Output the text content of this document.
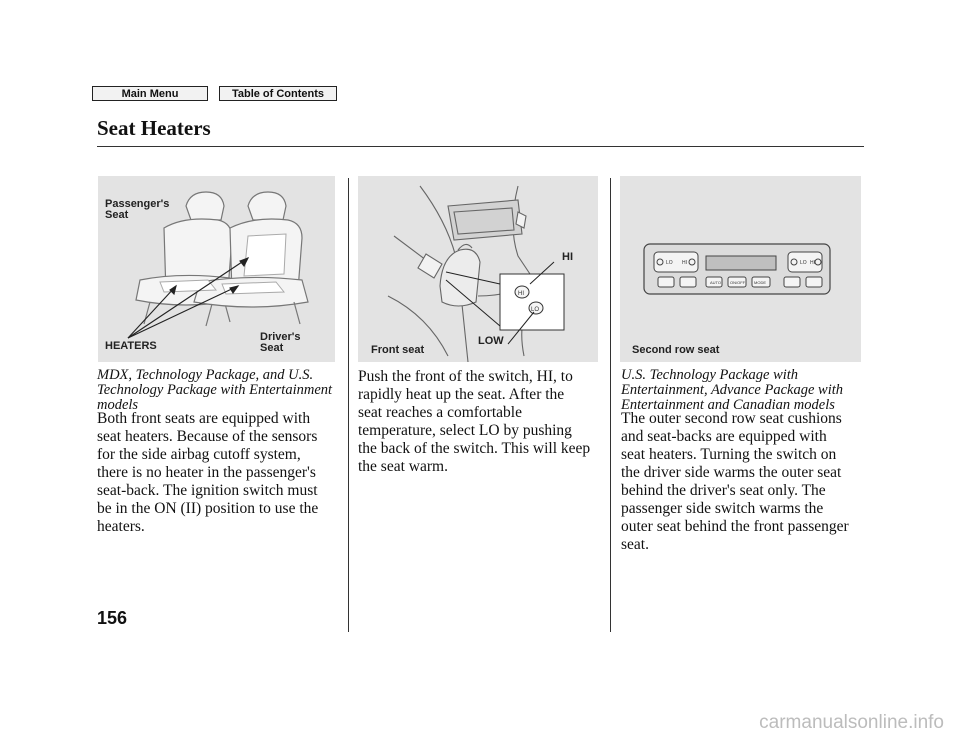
Main Menu	Table of Contents
Seat Heaters
Passenger's
Seat
HEATERS
Driver's
Seat
HI
LO
HI
LOW
Front seat
LO HI	LO HI
AUTO ON/OFF MODE
Second row seat
MDX, Technology Package, and U.S.
Technology Package with Entertainment
models
Both front seats are equipped with
seat heaters. Because of the sensors
for the side airbag cutoff system,
there is no heater in the passenger's
seat-back. The ignition switch must
be in the ON (II) position to use the
heaters.
Push the front of the switch, HI, to
rapidly heat up the seat. After the
seat reaches a comfortable
temperature, select LO by pushing
the back of the switch. This will keep
the seat warm.
U.S. Technology Package with
Entertainment, Advance Package with
Entertainment and Canadian models
The outer second row seat cushions
and seat-backs are equipped with
seat heaters. Turning the switch on
the driver side warms the outer seat
behind the driver's seat only. The
passenger side switch warms the
outer seat behind the front passenger
seat.
156
carmanualsonline.info
